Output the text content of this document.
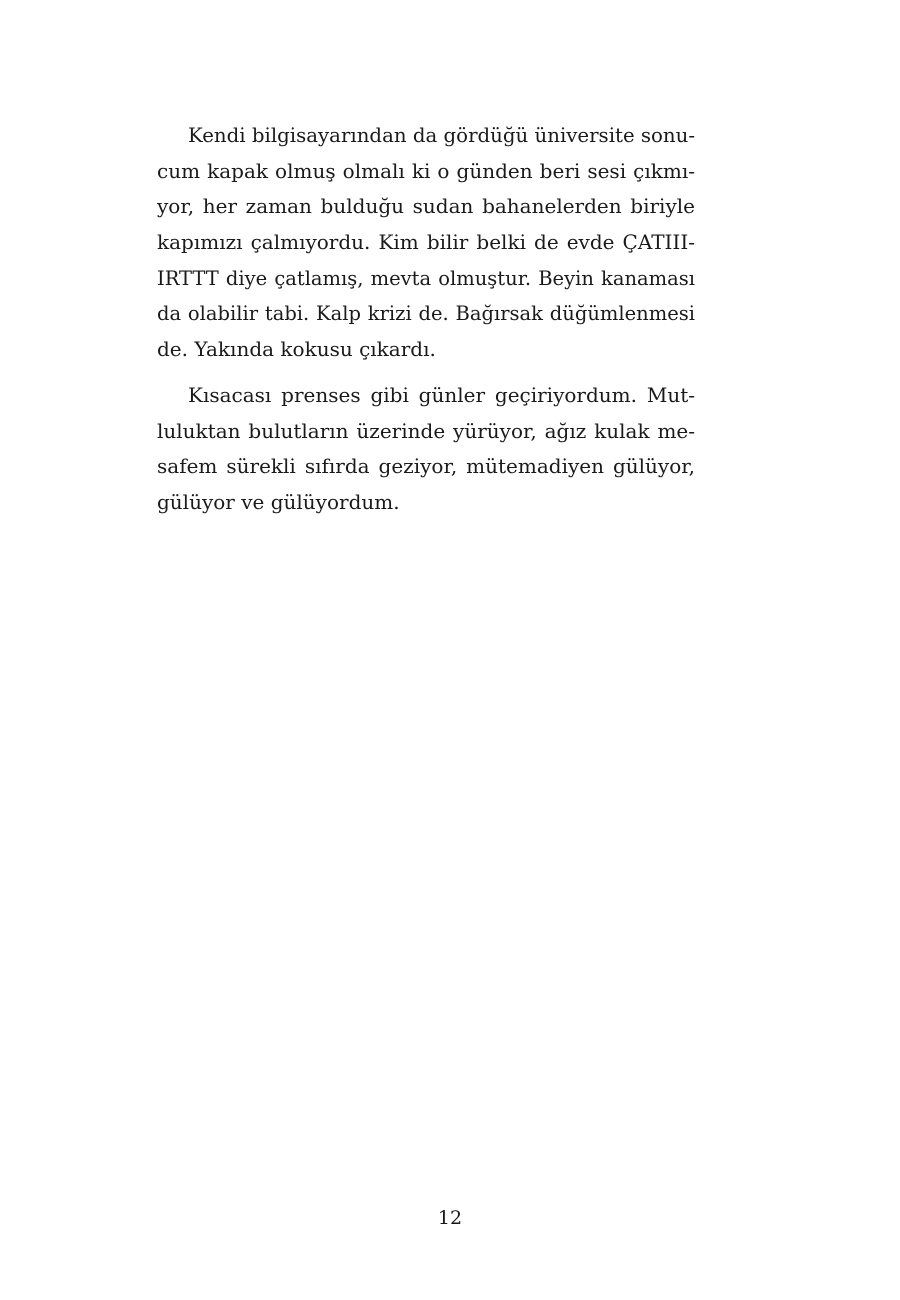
Kendi bilgisayarından da gördüğü üniversite sonu-
cum kapak olmuş olmalı ki o günden beri sesi çıkmı-
yor, her zaman bulduğu sudan bahanelerden biriyle
kapımızı çalmıyordu. Kim bilir belki de evde ÇATIII-
IRTTT diye çatlamış, mevta olmuştur. Beyin kanaması
da olabilir tabi. Kalp krizi de. Bağırsak düğümlenmesi
de. Yakında kokusu çıkardı.
Kısacası prenses gibi günler geçiriyordum. Mut-
luluktan bulutların üzerinde yürüyor, ağız kulak me-
safem sürekli sıfırda geziyor, mütemadiyen gülüyor,
gülüyor ve gülüyordum.
12
